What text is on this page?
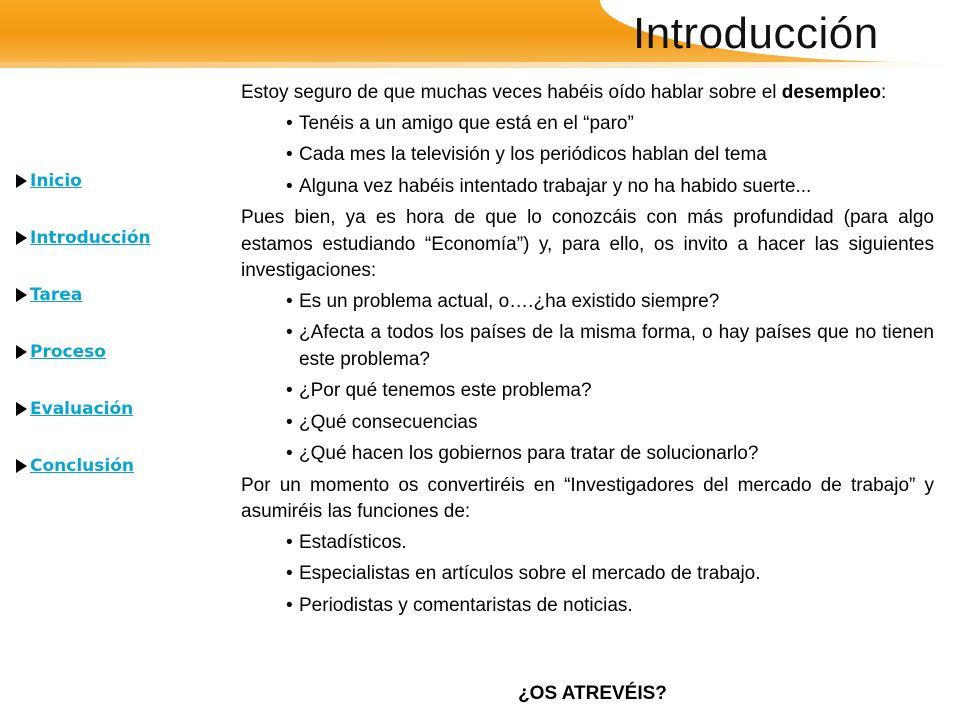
Introducción
Inicio
Introducción
Tarea
Proceso
Evaluación
Conclusión

Estoy seguro de que muchas veces habéis oído hablar sobre el desempleo:

• Tenéis a un amigo que está en el “paro”
• Cada mes la televisión y los periódicos hablan del tema
• Alguna vez habéis intentado trabajar y no ha habido suerte...

Pues bien, ya es hora de que lo conozcáis con más profundidad (para algo estamos estudiando “Economía”) y, para ello, os invito a hacer las siguientes investigaciones:

• Es un problema actual, o….¿ha existido siempre?
• ¿Afecta a todos los países de la misma forma, o hay países que no tienen este problema?
• ¿Por qué tenemos este problema?
• ¿Qué consecuencias
• ¿Qué hacen los gobiernos para tratar de solucionarlo?

Por un momento os convertiréis en “Investigadores del mercado de trabajo” y asumiréis las funciones de:

• Estadísticos.
• Especialistas en artículos sobre el mercado de trabajo.
• Periodistas y comentaristas de noticias.
¿OS ATREVÉIS?
